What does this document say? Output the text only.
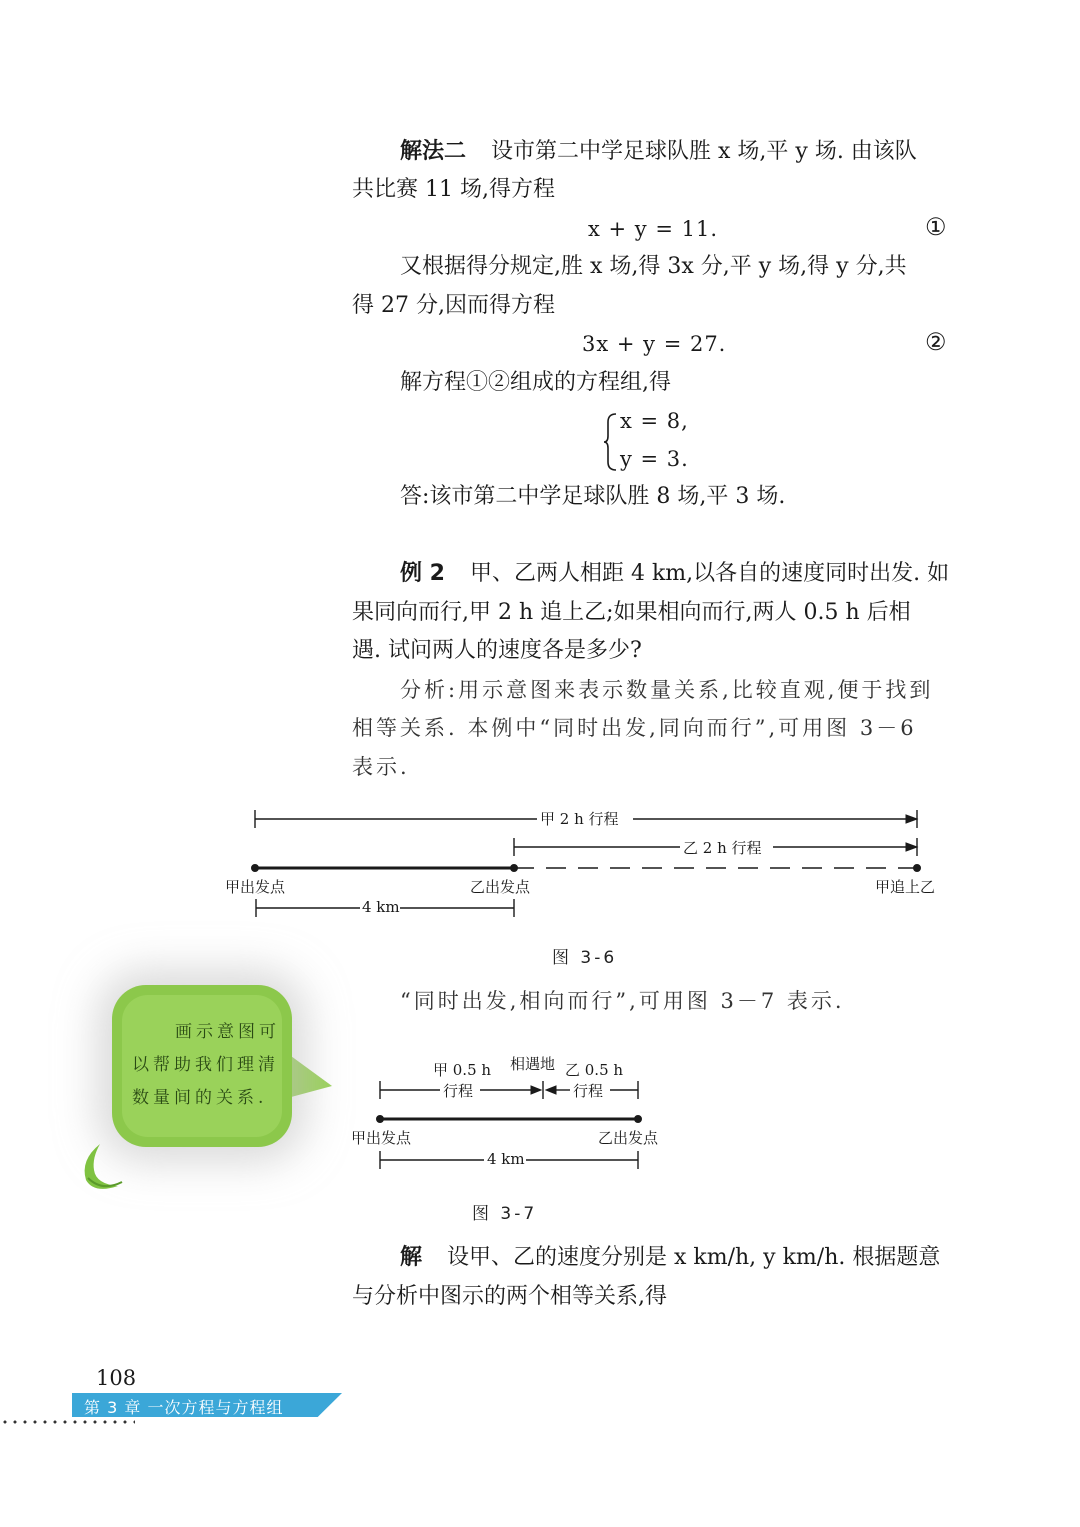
解法二 设市第二中学足球队胜 x 场,平 y 场. 由该队
共比赛 11 场,得方程
x + y = 11.	①
又根据得分规定,胜 x 场,得 3x 分,平 y 场,得 y 分,共
得 27 分,因而得方程
3x + y = 27.	②
解方程①②组成的方程组,得
x = 8,
y = 3.
答:该市第二中学足球队胜 8 场,平 3 场.
例 2 甲、乙两人相距 4 km,以各自的速度同时出发. 如
果同向而行,甲 2 h 追上乙;如果相向而行,两人 0.5 h 后相
遇. 试问两人的速度各是多少?
分析:用示意图来表示数量关系,比较直观,便于找到
相等关系. 本例中“同时出发,同向而行”,可用图 3－6
表示.
甲 2 h 行程
乙 2 h 行程
甲出发点	乙出发点	甲追上乙
4 km
图 3-6
“同时出发,相向而行”,可用图 3－7 表示.
画示意图可
以帮助我们理清
数量间的关系.
甲 0.5 h 相遇地 乙 0.5 h
行程	行程
甲出发点	乙出发点
4 km
图 3-7
解 设甲、乙的速度分别是 x km/h, y km/h. 根据题意
与分析中图示的两个相等关系,得
108
第 3 章 一次方程与方程组
